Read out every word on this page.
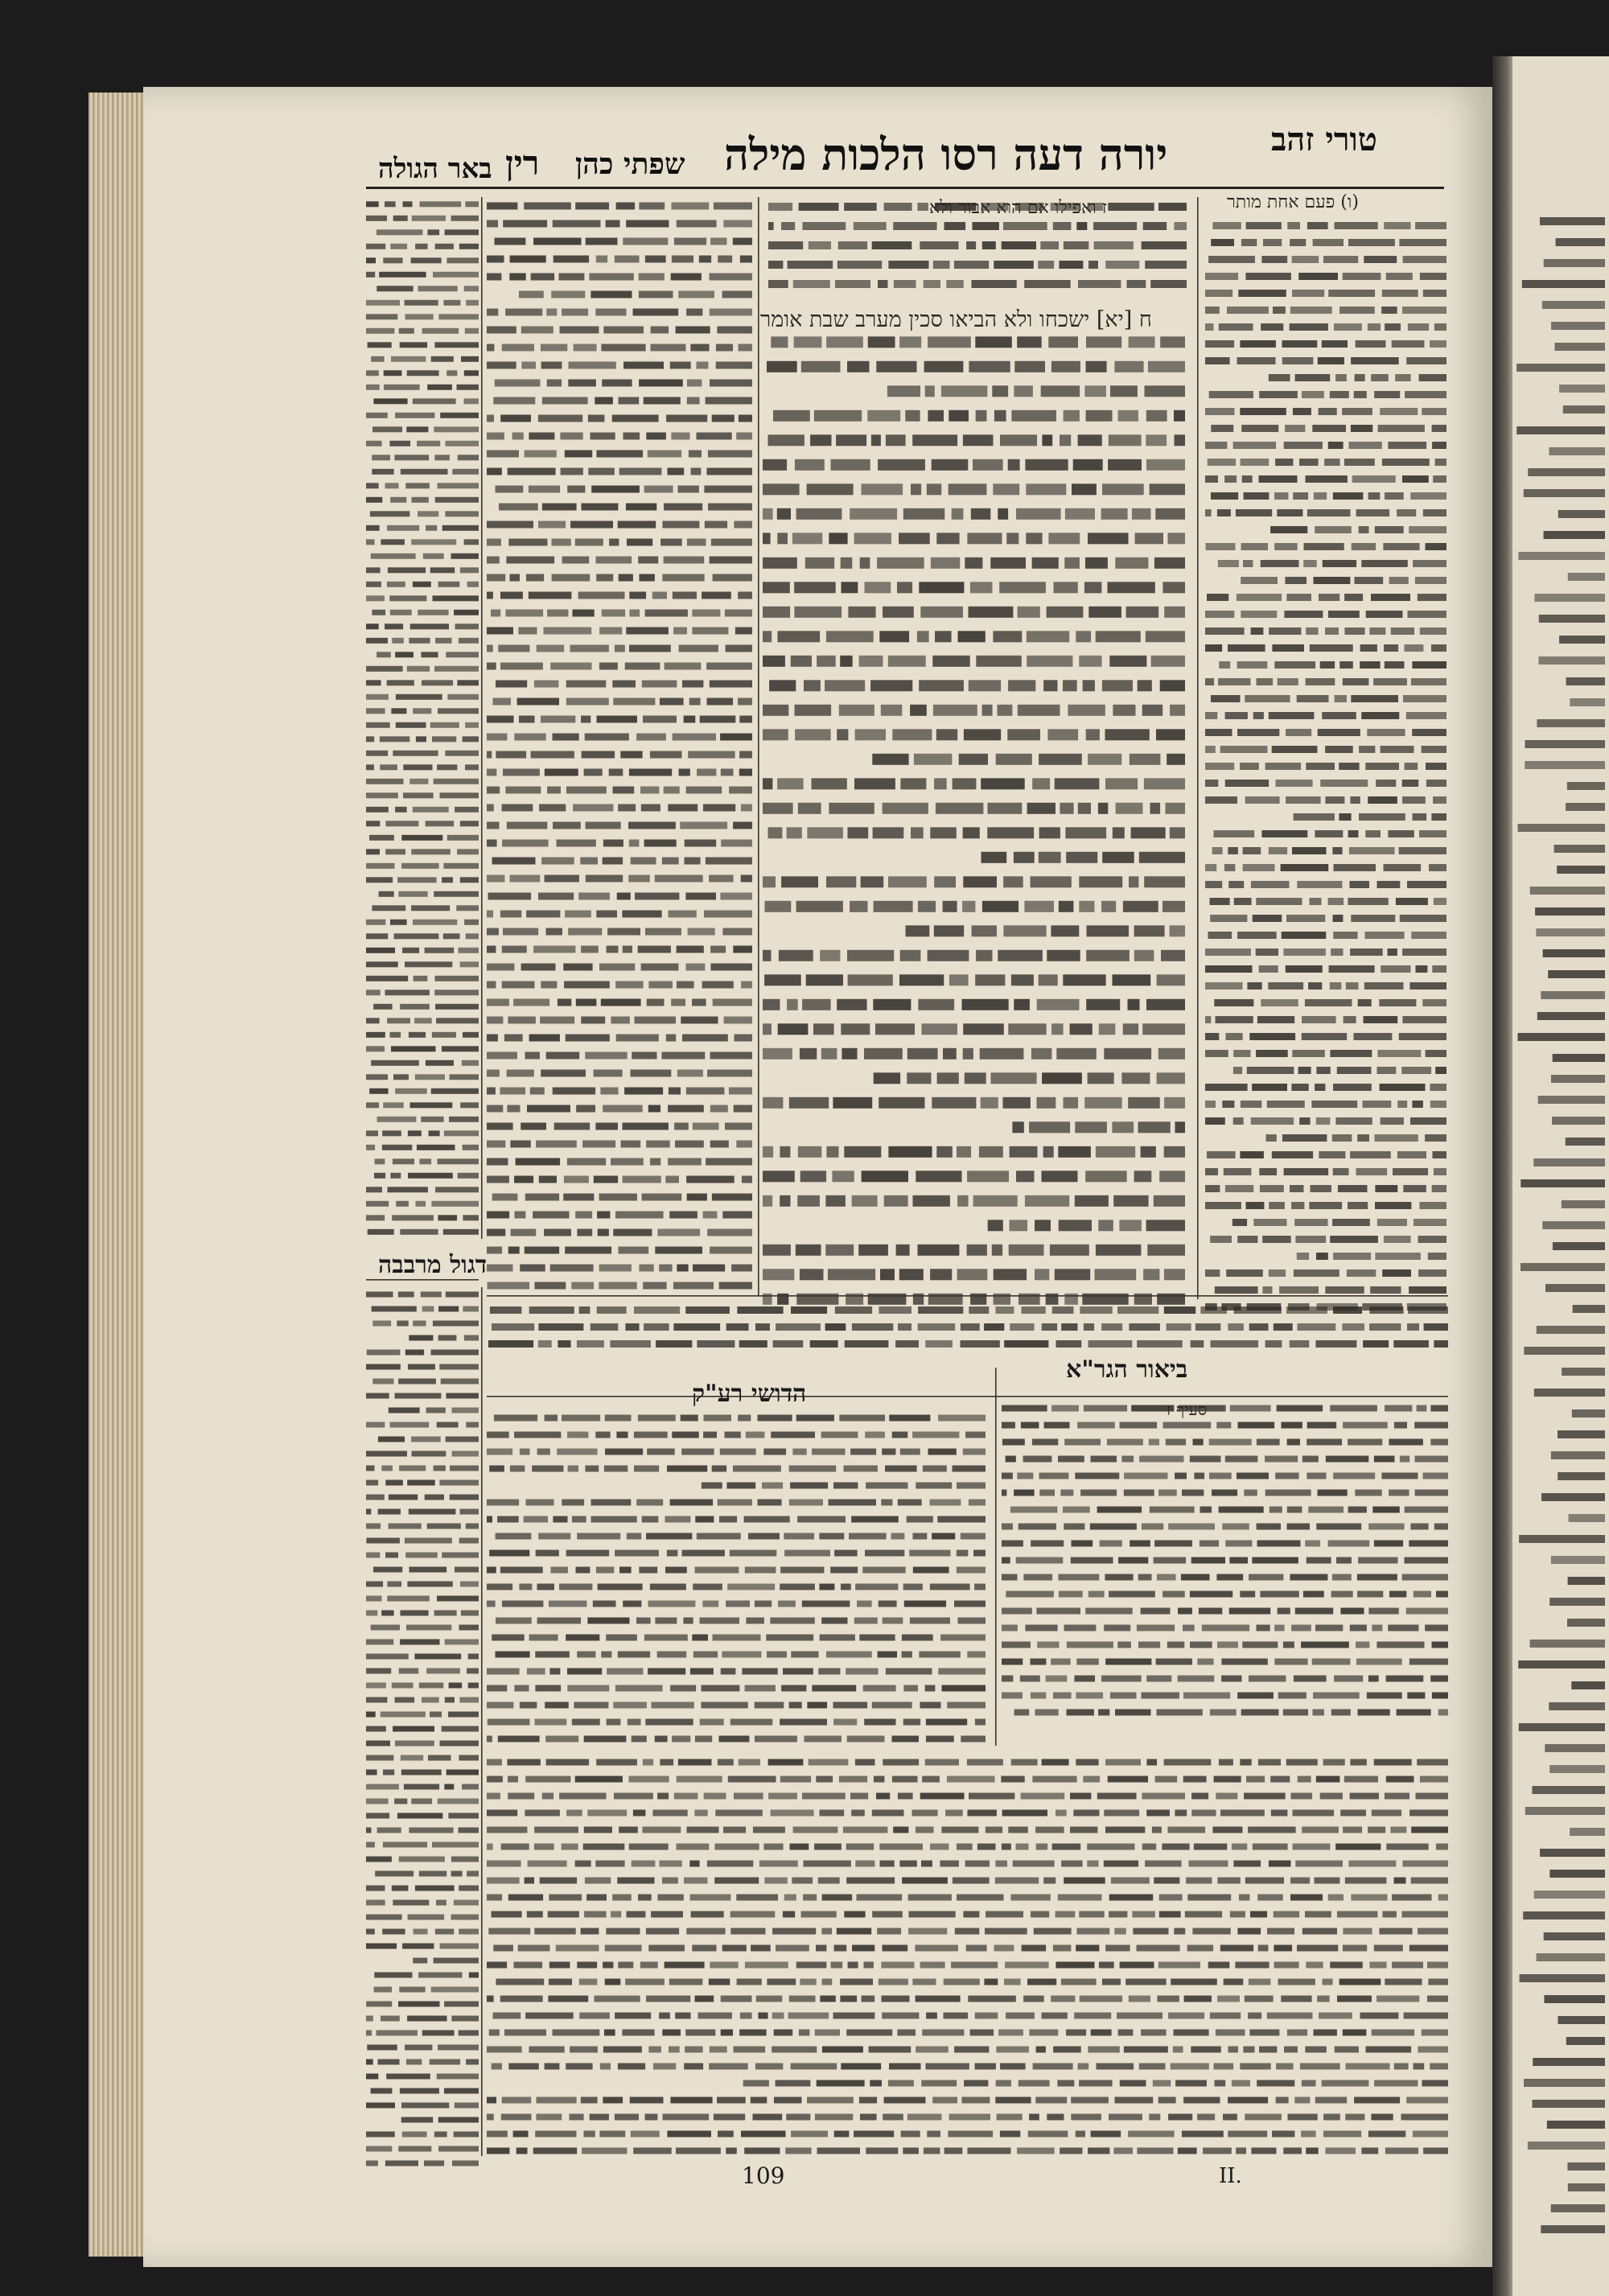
טורי זהב
יורה דעה רסו הלכות מילה
שפתי כהן
רין
באר הגולה
דגול מרבבה
ביאור הגר"א
הדושי רע"ק
ח [יא] ישכחו ולא הביאו סכין מערב שבת אומר
ז ואפילו אם הוא אבור ולא	(ו) פעם אחת מותר
סעיף ז
109	II.
